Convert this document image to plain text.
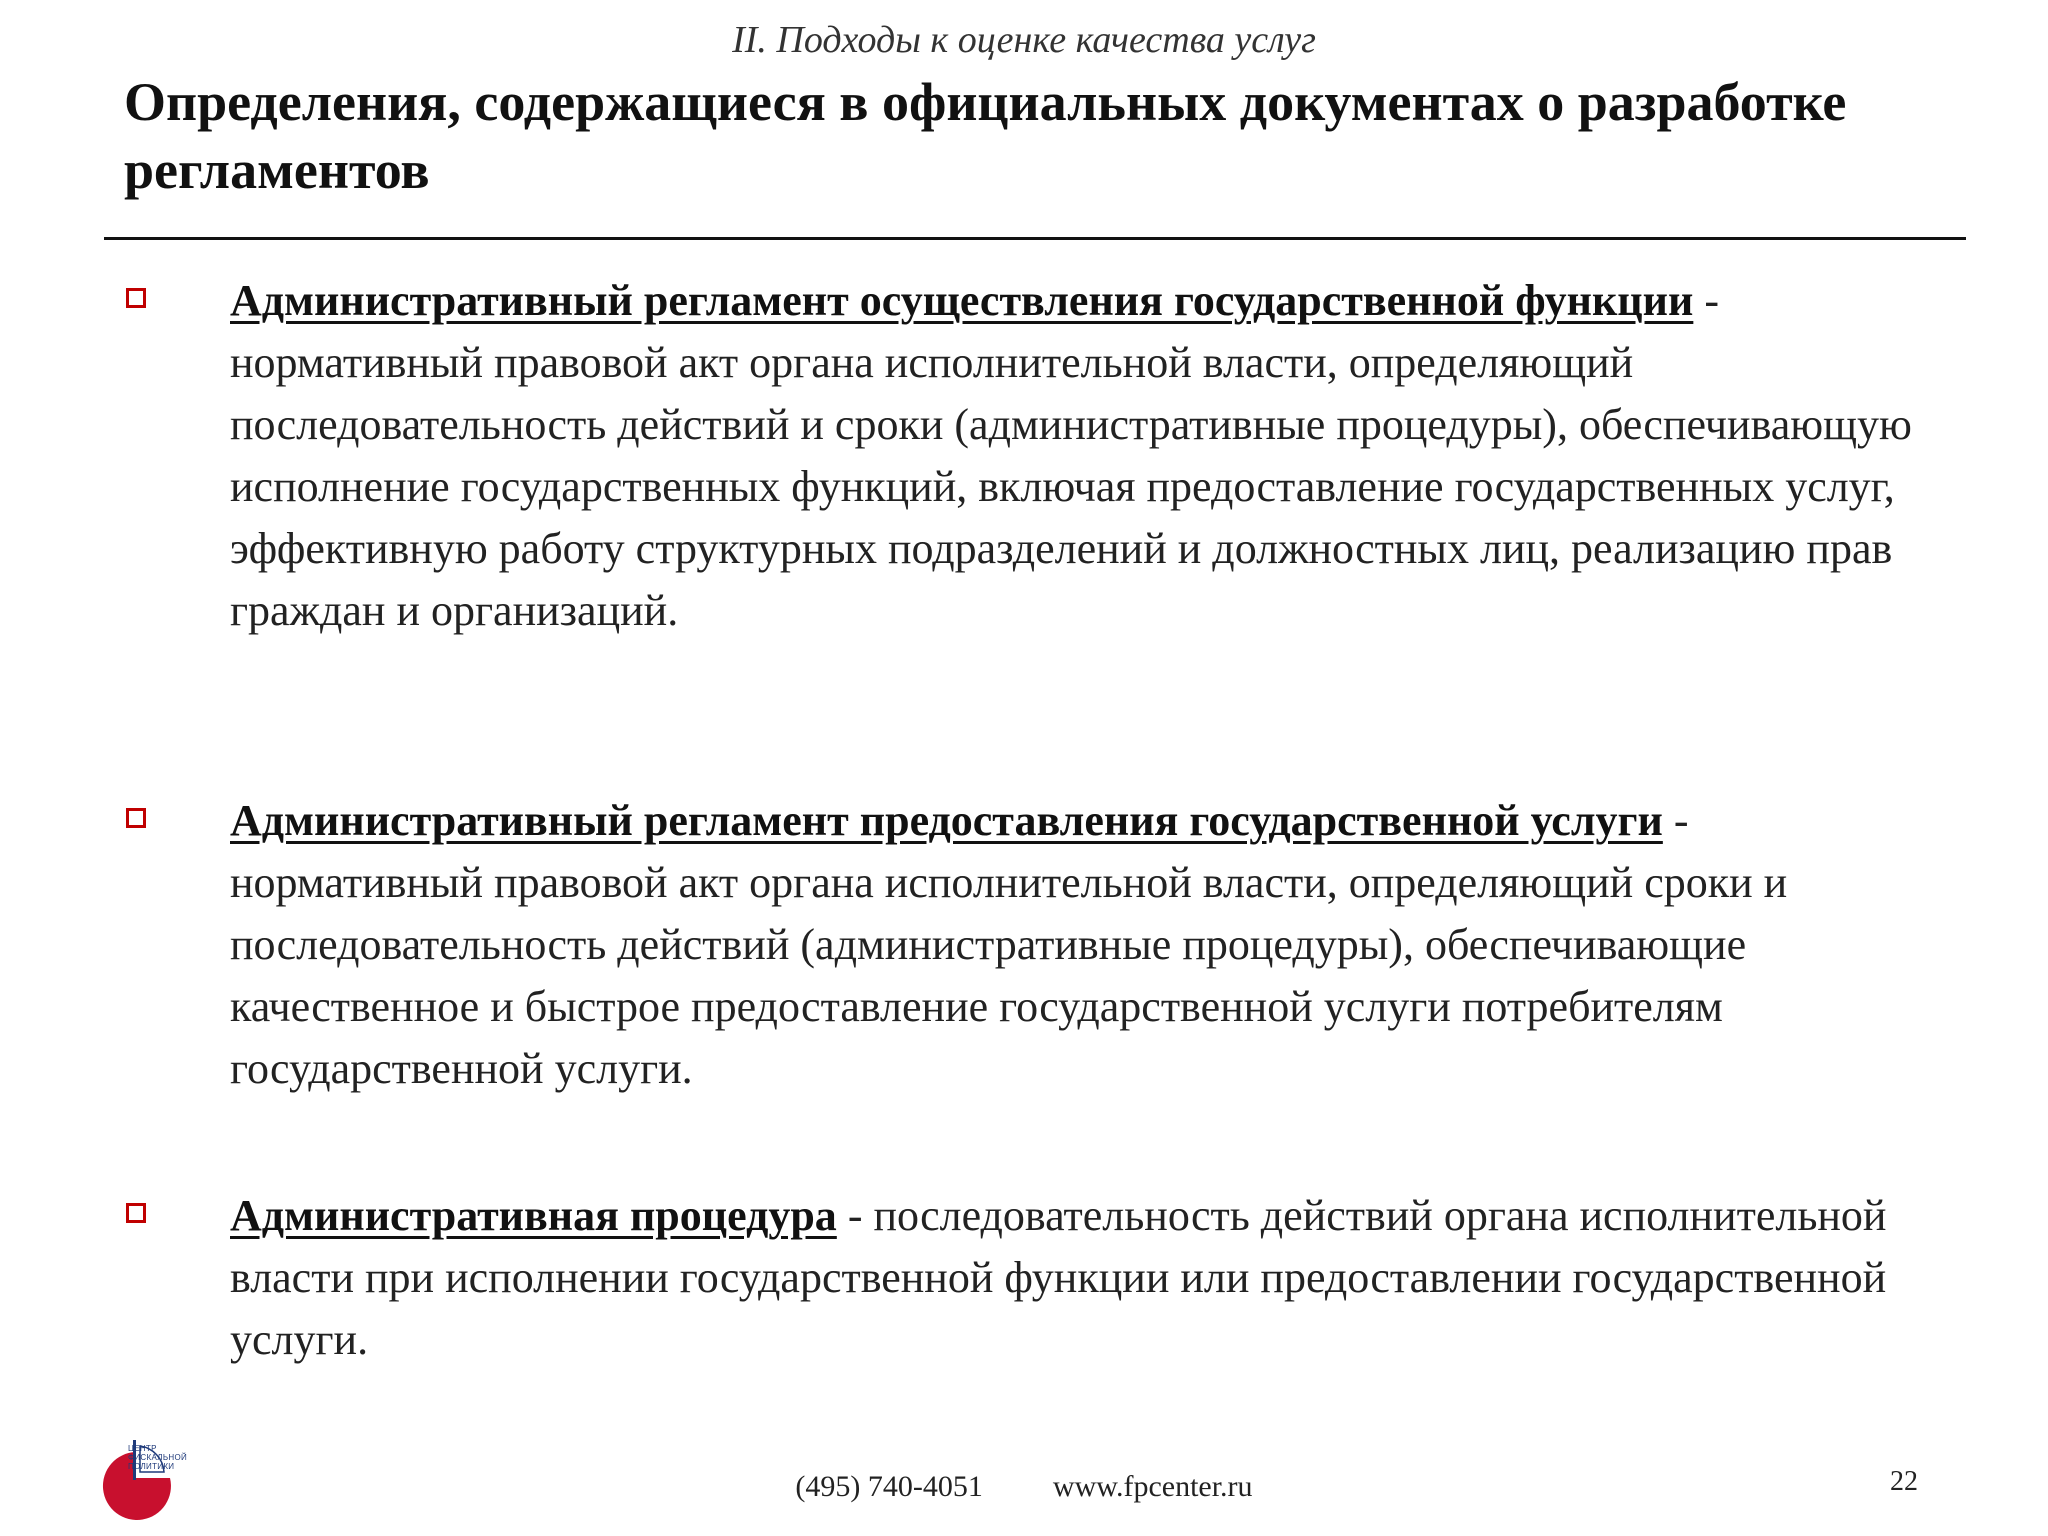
II. Подходы к оценке качества услуг
Определения, содержащиеся в официальных документах о разработке регламентов
Административный регламент осуществления государственной функции - нормативный правовой акт органа исполнительной власти, определяющий последовательность действий и сроки (административные процедуры), обеспечивающую исполнение государственных функций, включая предоставление государственных услуг, эффективную работу структурных подразделений и должностных лиц, реализацию прав граждан и организаций.
Административный регламент предоставления государственной услуги - нормативный правовой акт органа исполнительной власти, определяющий сроки и последовательность действий (административные процедуры), обеспечивающие качественное и быстрое предоставление государственной услуги потребителям государственной услуги.
Административная процедура - последовательность действий органа исполнительной власти при исполнении государственной функции или предоставлении государственной услуги.
ЦЕНТР
ФИСКАЛЬНОЙ
ПОЛИТИКИ
(495) 740-4051 www.fpcenter.ru	22
